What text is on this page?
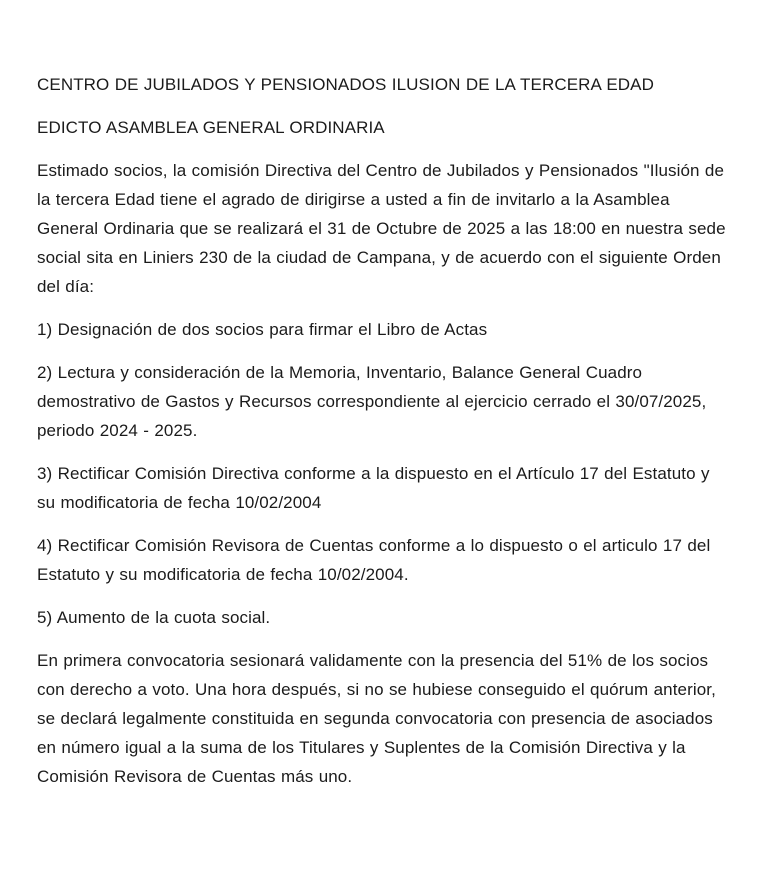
CENTRO DE JUBILADOS Y PENSIONADOS ILUSION DE LA TERCERA EDAD

EDICTO ASAMBLEA GENERAL ORDINARIA

Estimado socios, la comisión Directiva del Centro de Jubilados y Pensionados "Ilusión de la tercera Edad tiene el agrado de dirigirse a usted a fin de invitarlo a la Asamblea General Ordinaria que se realizará el 31 de Octubre de 2025 a las 18:00 en nuestra sede social sita en Liniers 230 de la ciudad de Campana, y de acuerdo con el siguiente Orden del día:

1) Designación de dos socios para firmar el Libro de Actas

2) Lectura y consideración de la Memoria, Inventario, Balance General Cuadro demostrativo de Gastos y Recursos correspondiente al ejercicio cerrado el 30/07/2025, periodo 2024 - 2025.

3) Rectificar Comisión Directiva conforme a la dispuesto en el Artículo 17 del Estatuto y su modificatoria de fecha 10/02/2004

4) Rectificar Comisión Revisora de Cuentas conforme a lo dispuesto o el articulo 17 del Estatuto y su modificatoria de fecha 10/02/2004.

5) Aumento de la cuota social.

En primera convocatoria sesionará validamente con la presencia del 51% de los socios con derecho a voto. Una hora después, si no se hubiese conseguido el quórum anterior, se declará legalmente constituida en segunda convocatoria con presencia de asociados en número igual a la suma de los Titulares y Suplentes de la Comisión Directiva y la Comisión Revisora de Cuentas más uno.
